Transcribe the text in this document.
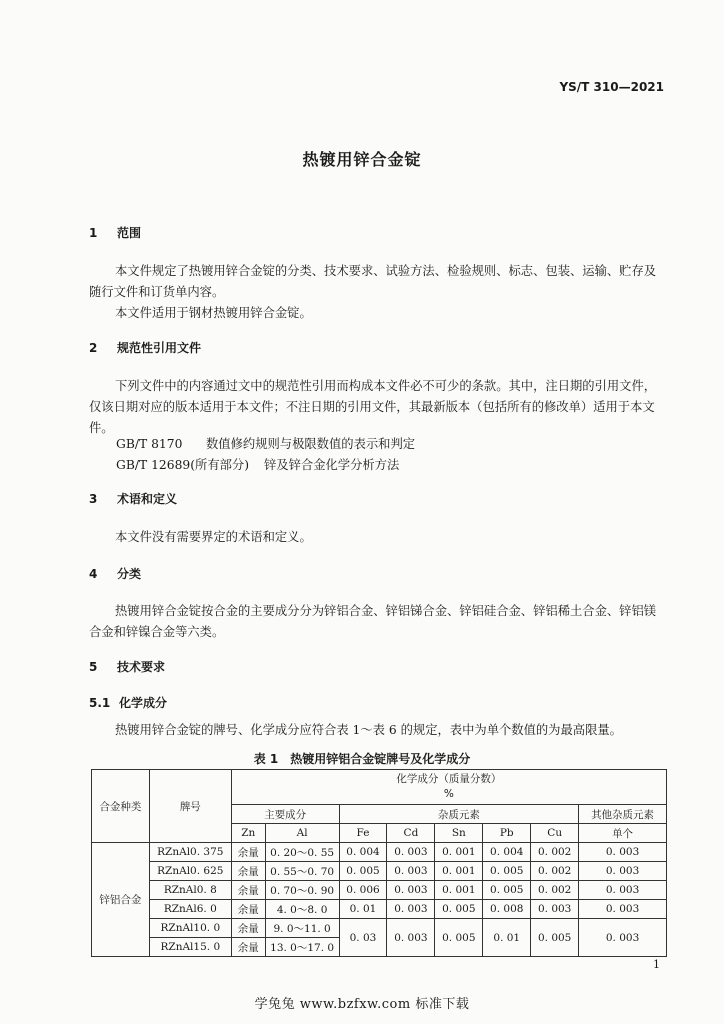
YS/T 310—2021
热镀用锌合金锭
1 范围
本文件规定了热镀用锌合金锭的分类、技术要求、试验方法、检验规则、标志、包装、运输、贮存及随行文件和订货单内容。
本文件适用于钢材热镀用锌合金锭。
2 规范性引用文件
下列文件中的内容通过文中的规范性引用而构成本文件必不可少的条款。其中，注日期的引用文件，仅该日期对应的版本适用于本文件；不注日期的引用文件，其最新版本（包括所有的修改单）适用于本文件。
GB/T 8170 数值修约规则与极限数值的表示和判定
GB/T 12689(所有部分) 锌及锌合金化学分析方法
3 术语和定义
本文件没有需要界定的术语和定义。
4 分类
热镀用锌合金锭按合金的主要成分分为锌铝合金、锌铝锑合金、锌铝硅合金、锌铝稀土合金、锌铝镁合金和锌镍合金等六类。
5 技术要求
5.1 化学成分
热镀用锌合金锭的牌号、化学成分应符合表 1～表 6 的规定，表中为单个数值的为最高限量。
表 1　热镀用锌铝合金锭牌号及化学成分
合金种类	牌号	化学成分（质量分数）
%							
		主要成分		杂质元素					其他杂质元素
		Zn	Al	Fe	Cd	Sn	Pb	Cu	单个
锌铝合金	RZnAl0. 375	余量	0. 20～0. 55	0. 004	0. 003	0. 001	0. 004	0. 002	0. 003
	RZnAl0. 625	余量	0. 55～0. 70	0. 005	0. 003	0. 001	0. 005	0. 002	0. 003
	RZnAl0. 8	余量	0. 70～0. 90	0. 006	0. 003	0. 001	0. 005	0. 002	0. 003
	RZnAl6. 0	余量	4. 0～8. 0	0. 01	0. 003	0. 005	0. 008	0. 003	0. 003
	RZnAl10. 0	余量	9. 0～11. 0	0. 03	0. 003	0. 005	0. 01	0. 005	0. 003
	RZnAl15. 0	余量	13. 0～17. 0						
1
学兔兔 www.bzfxw.com 标准下载
